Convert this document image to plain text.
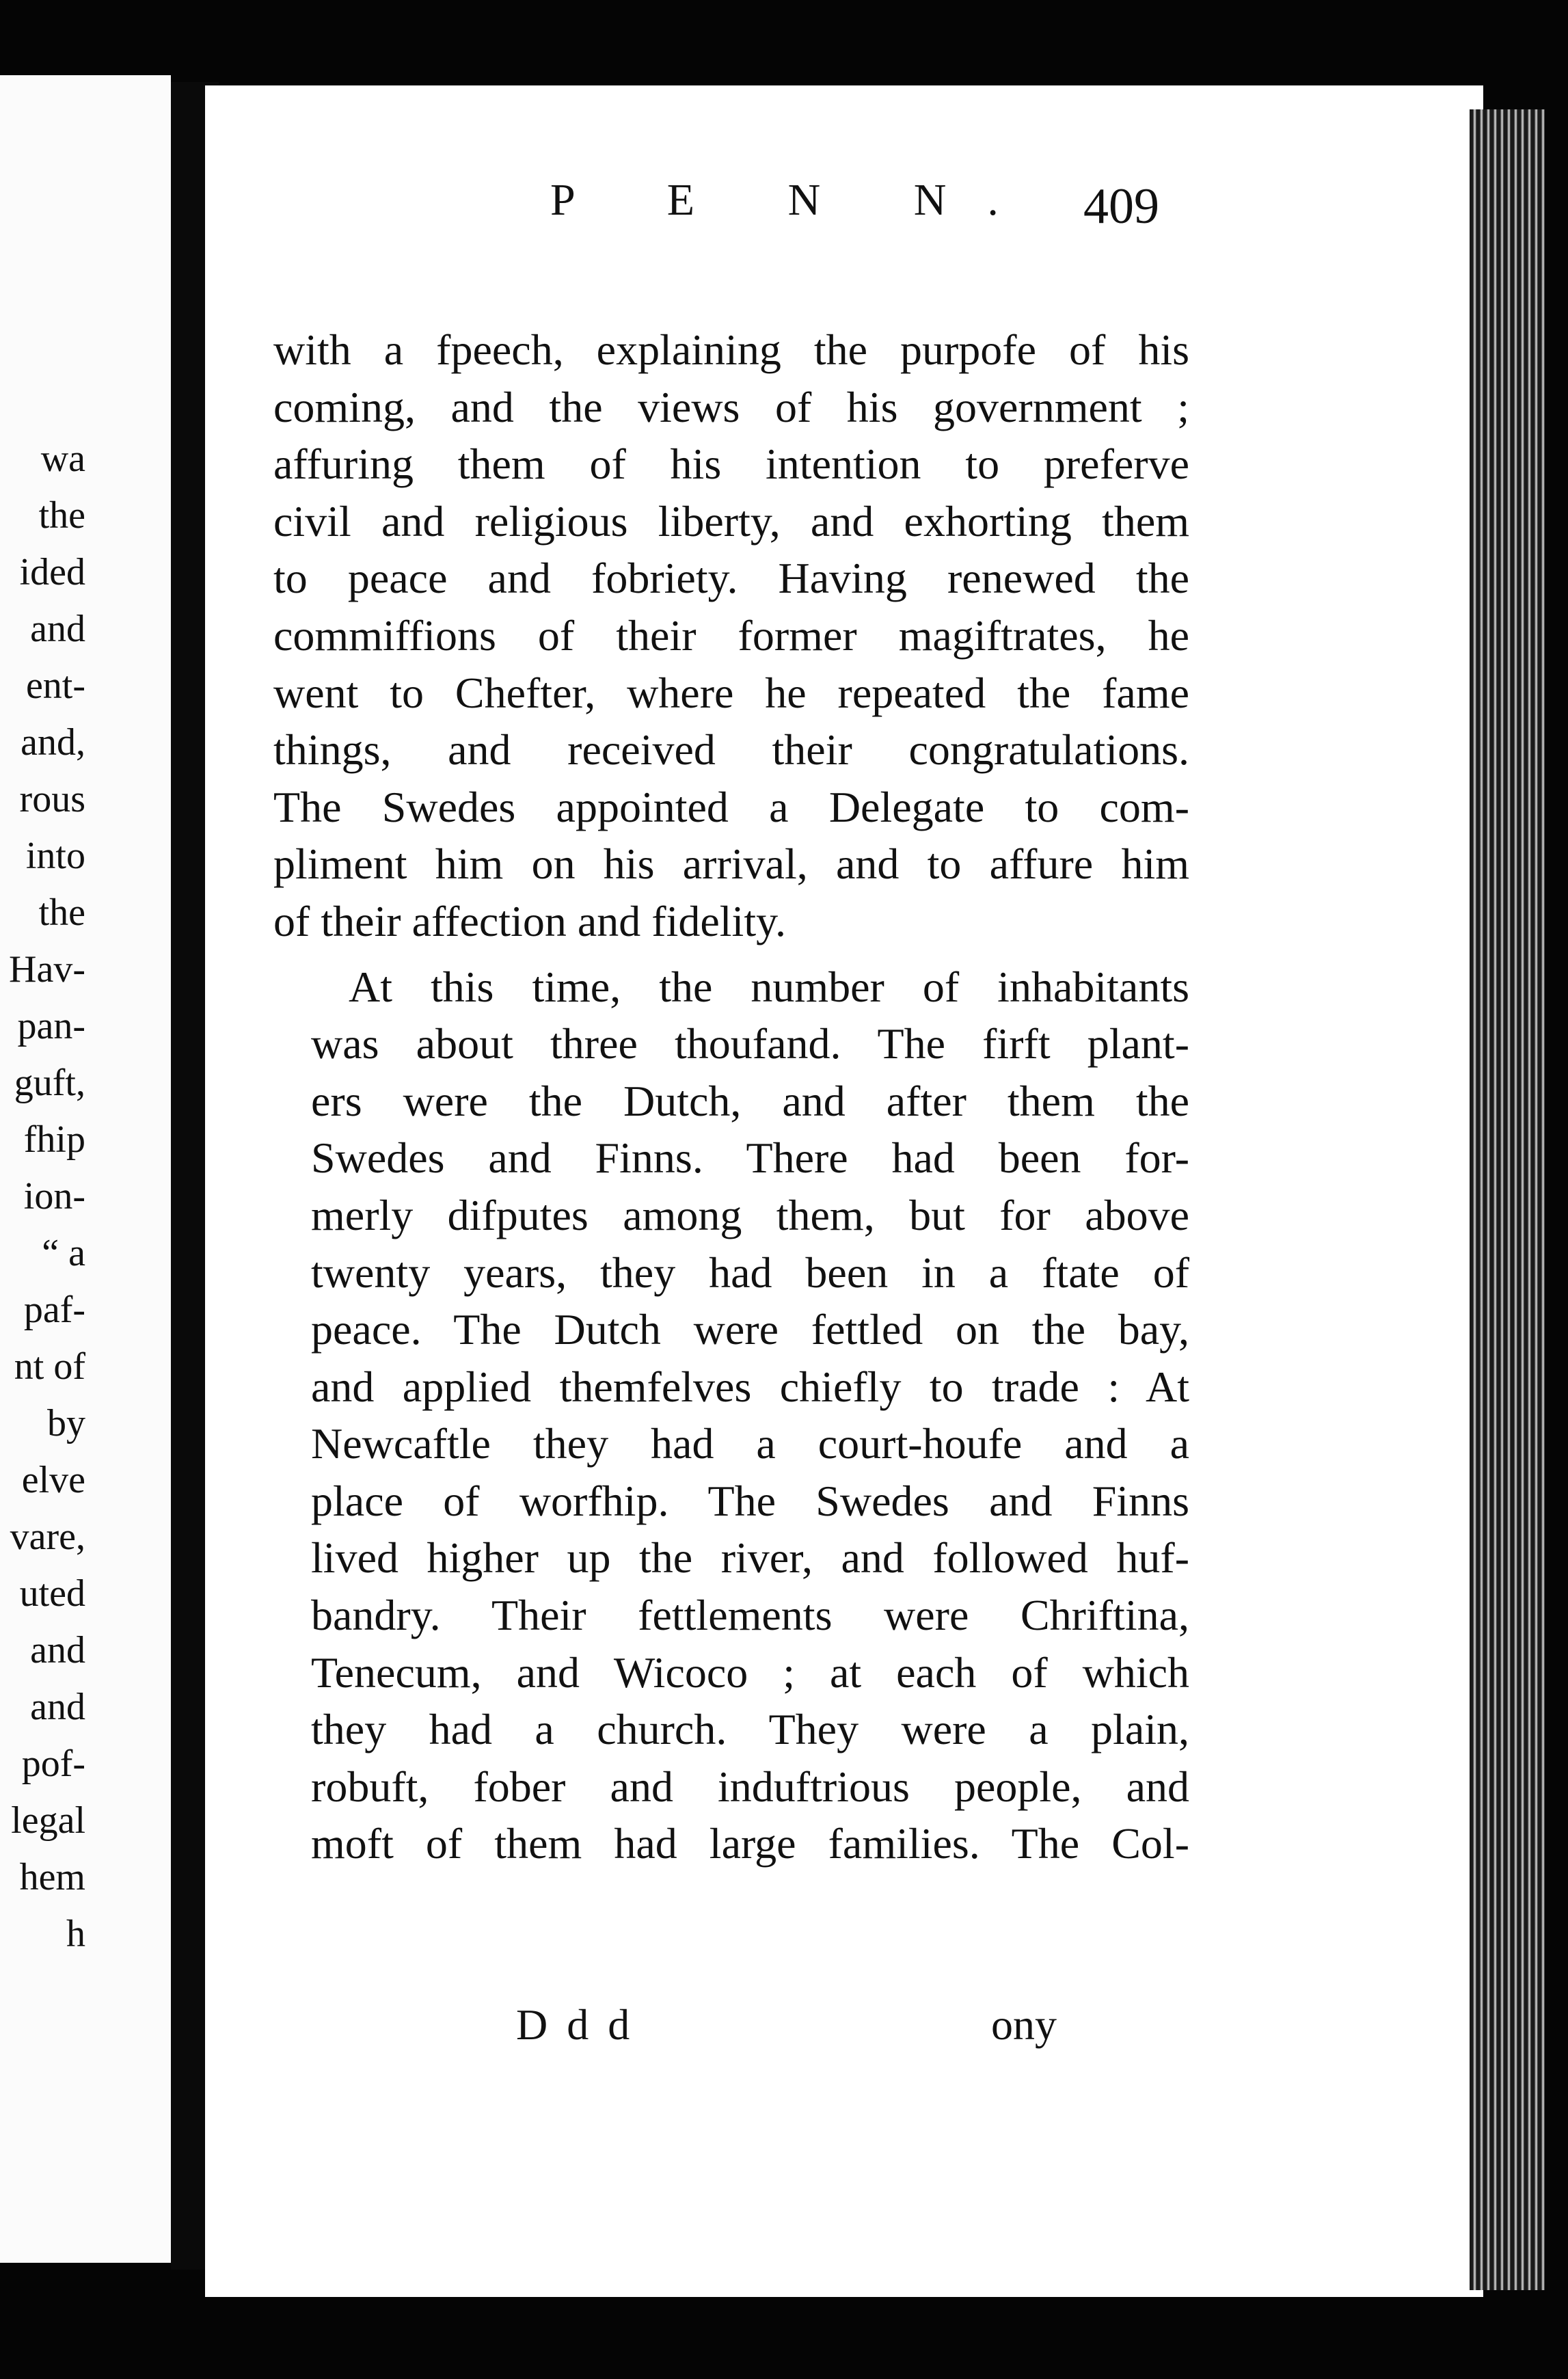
wa
the
ided
and
ent-
and,
rous
into
the
Hav-
pan-
guft,
fhip
ion-
“ a
paf-
nt of
by
elve
vare,
uted
and
and
pof-
legal
hem
h
P E N N. 409
with a fpeech, explaining the purpofe of his
coming, and the views of his government ;
affuring them of his intention to preferve
civil and religious liberty, and exhorting them
to peace and fobriety. Having renewed the
commiffions of their former magiftrates, he
went to Chefter, where he repeated the fame
things, and received their congratulations.
The Swedes appointed a Delegate to com-
pliment him on his arrival, and to affure him
of their affection and fidelity.
At this time, the number of inhabitants
was about three thoufand. The firft plant-
ers were the Dutch, and after them the
Swedes and Finns. There had been for-
merly difputes among them, but for above
twenty years, they had been in a ftate of
peace. The Dutch were fettled on the bay,
and applied themfelves chiefly to trade : At
Newcaftle they had a court-houfe and a
place of worfhip. The Swedes and Finns
lived higher up the river, and followed huf-
bandry. Their fettlements were Chriftina,
Tenecum, and Wicoco ; at each of which
they had a church. They were a plain,
robuft, fober and induftrious people, and
moft of them had large families. The Col-
D d d	ony
